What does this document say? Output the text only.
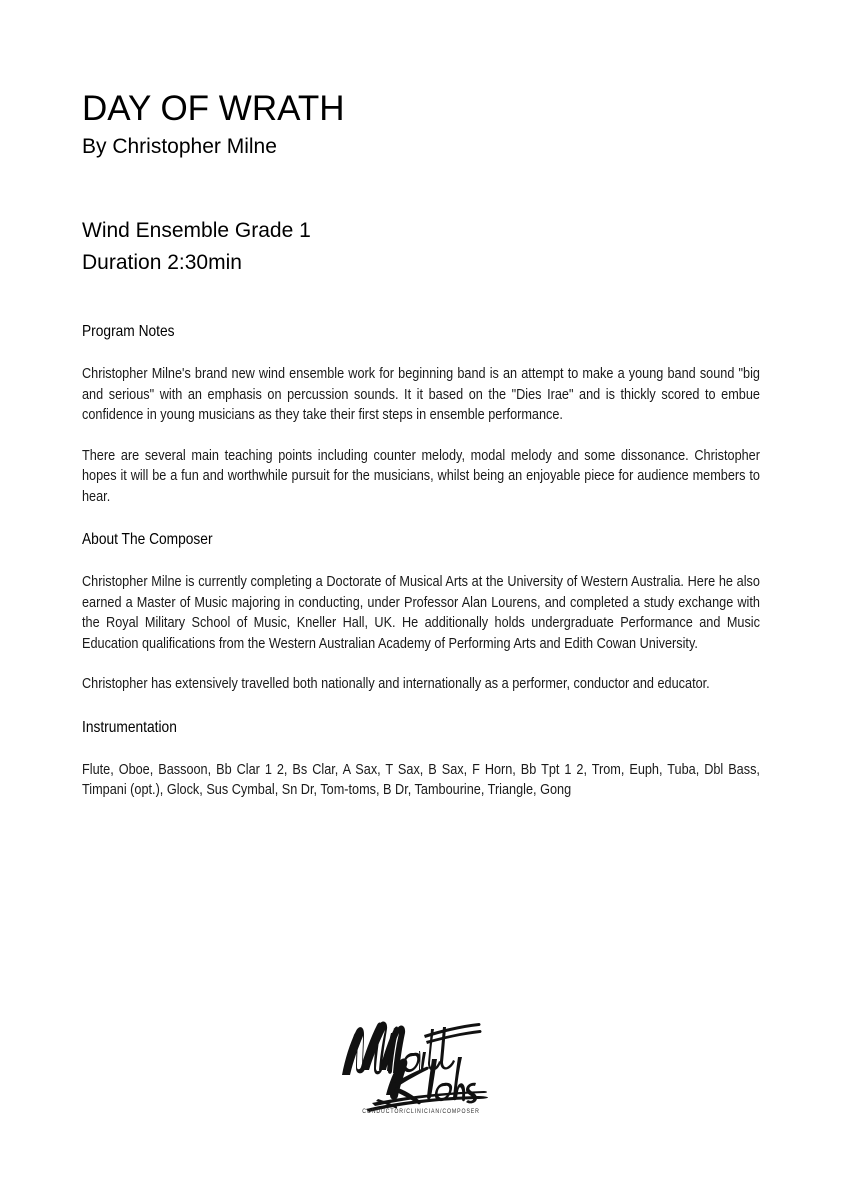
DAY OF WRATH

By Christopher Milne

Wind Ensemble Grade 1

Duration 2:30min

Program Notes

Christopher Milne's brand new wind ensemble work for beginning band is an attempt to make a young band sound "big and serious" with an emphasis on percussion sounds. It it based on the "Dies Irae" and is thickly scored to embue confidence in young musicians as they take their first steps in ensemble performance.

There are several main teaching points including counter melody, modal melody and some dissonance. Christopher hopes it will be a fun and worthwhile pursuit for the musicians, whilst being an enjoyable piece for audience members to hear.

About The Composer

Christopher Milne is currently completing a Doctorate of Musical Arts at the University of Western Australia. Here he also earned a Master of Music majoring in conducting, under Professor Alan Lourens, and completed a study exchange with the Royal Military School of Music, Kneller Hall, UK. He additionally holds undergraduate Performance and Music Education qualifications from the Western Australian Academy of Performing Arts and Edith Cowan University.

Christopher has extensively travelled both nationally and internationally as a performer, conductor and educator.

Instrumentation

Flute, Oboe, Bassoon, Bb Clar 1 2, Bs Clar, A Sax, T Sax, B Sax, F Horn, Bb Tpt 1 2, Trom, Euph, Tuba, Dbl Bass, Timpani (opt.), Glock, Sus Cymbal, Sn Dr, Tom-toms, B Dr, Tambourine, Triangle, Gong

CONDUCTOR/CLINICIAN/COMPOSER
